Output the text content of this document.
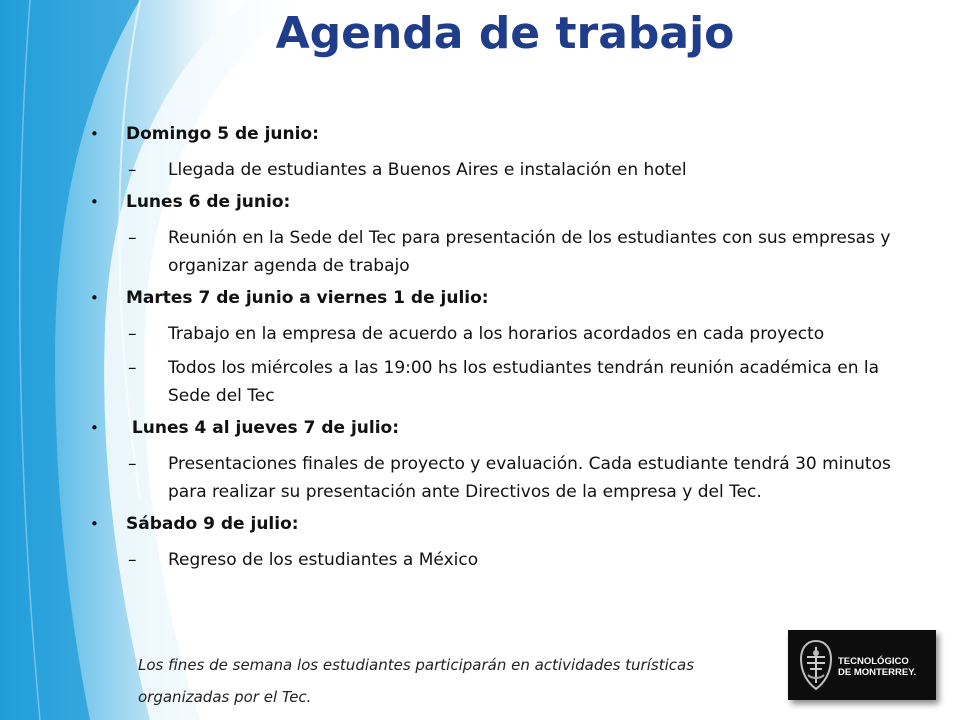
Agenda de trabajo
• Domingo 5 de junio:
– Llegada de estudiantes a Buenos Aires e instalación en hotel
• Lunes 6 de junio:
– Reunión en la Sede del Tec para presentación de los estudiantes con sus empresas y organizar agenda de trabajo
• Martes 7 de junio a viernes 1 de julio:
– Trabajo en la empresa de acuerdo a los horarios acordados en cada proyecto
– Todos los miércoles a las 19:00 hs los estudiantes tendrán reunión académica en la Sede del Tec
• Lunes 4 al jueves 7 de julio:
– Presentaciones finales de proyecto y evaluación. Cada estudiante tendrá 30 minutos para realizar su presentación ante Directivos de la empresa y del Tec.
• Sábado 9 de julio:
– Regreso de los estudiantes a México
Los fines de semana los estudiantes participarán en actividades turísticas
organizadas por el Tec.
TECNOLÓGICO
DE MONTERREY.
